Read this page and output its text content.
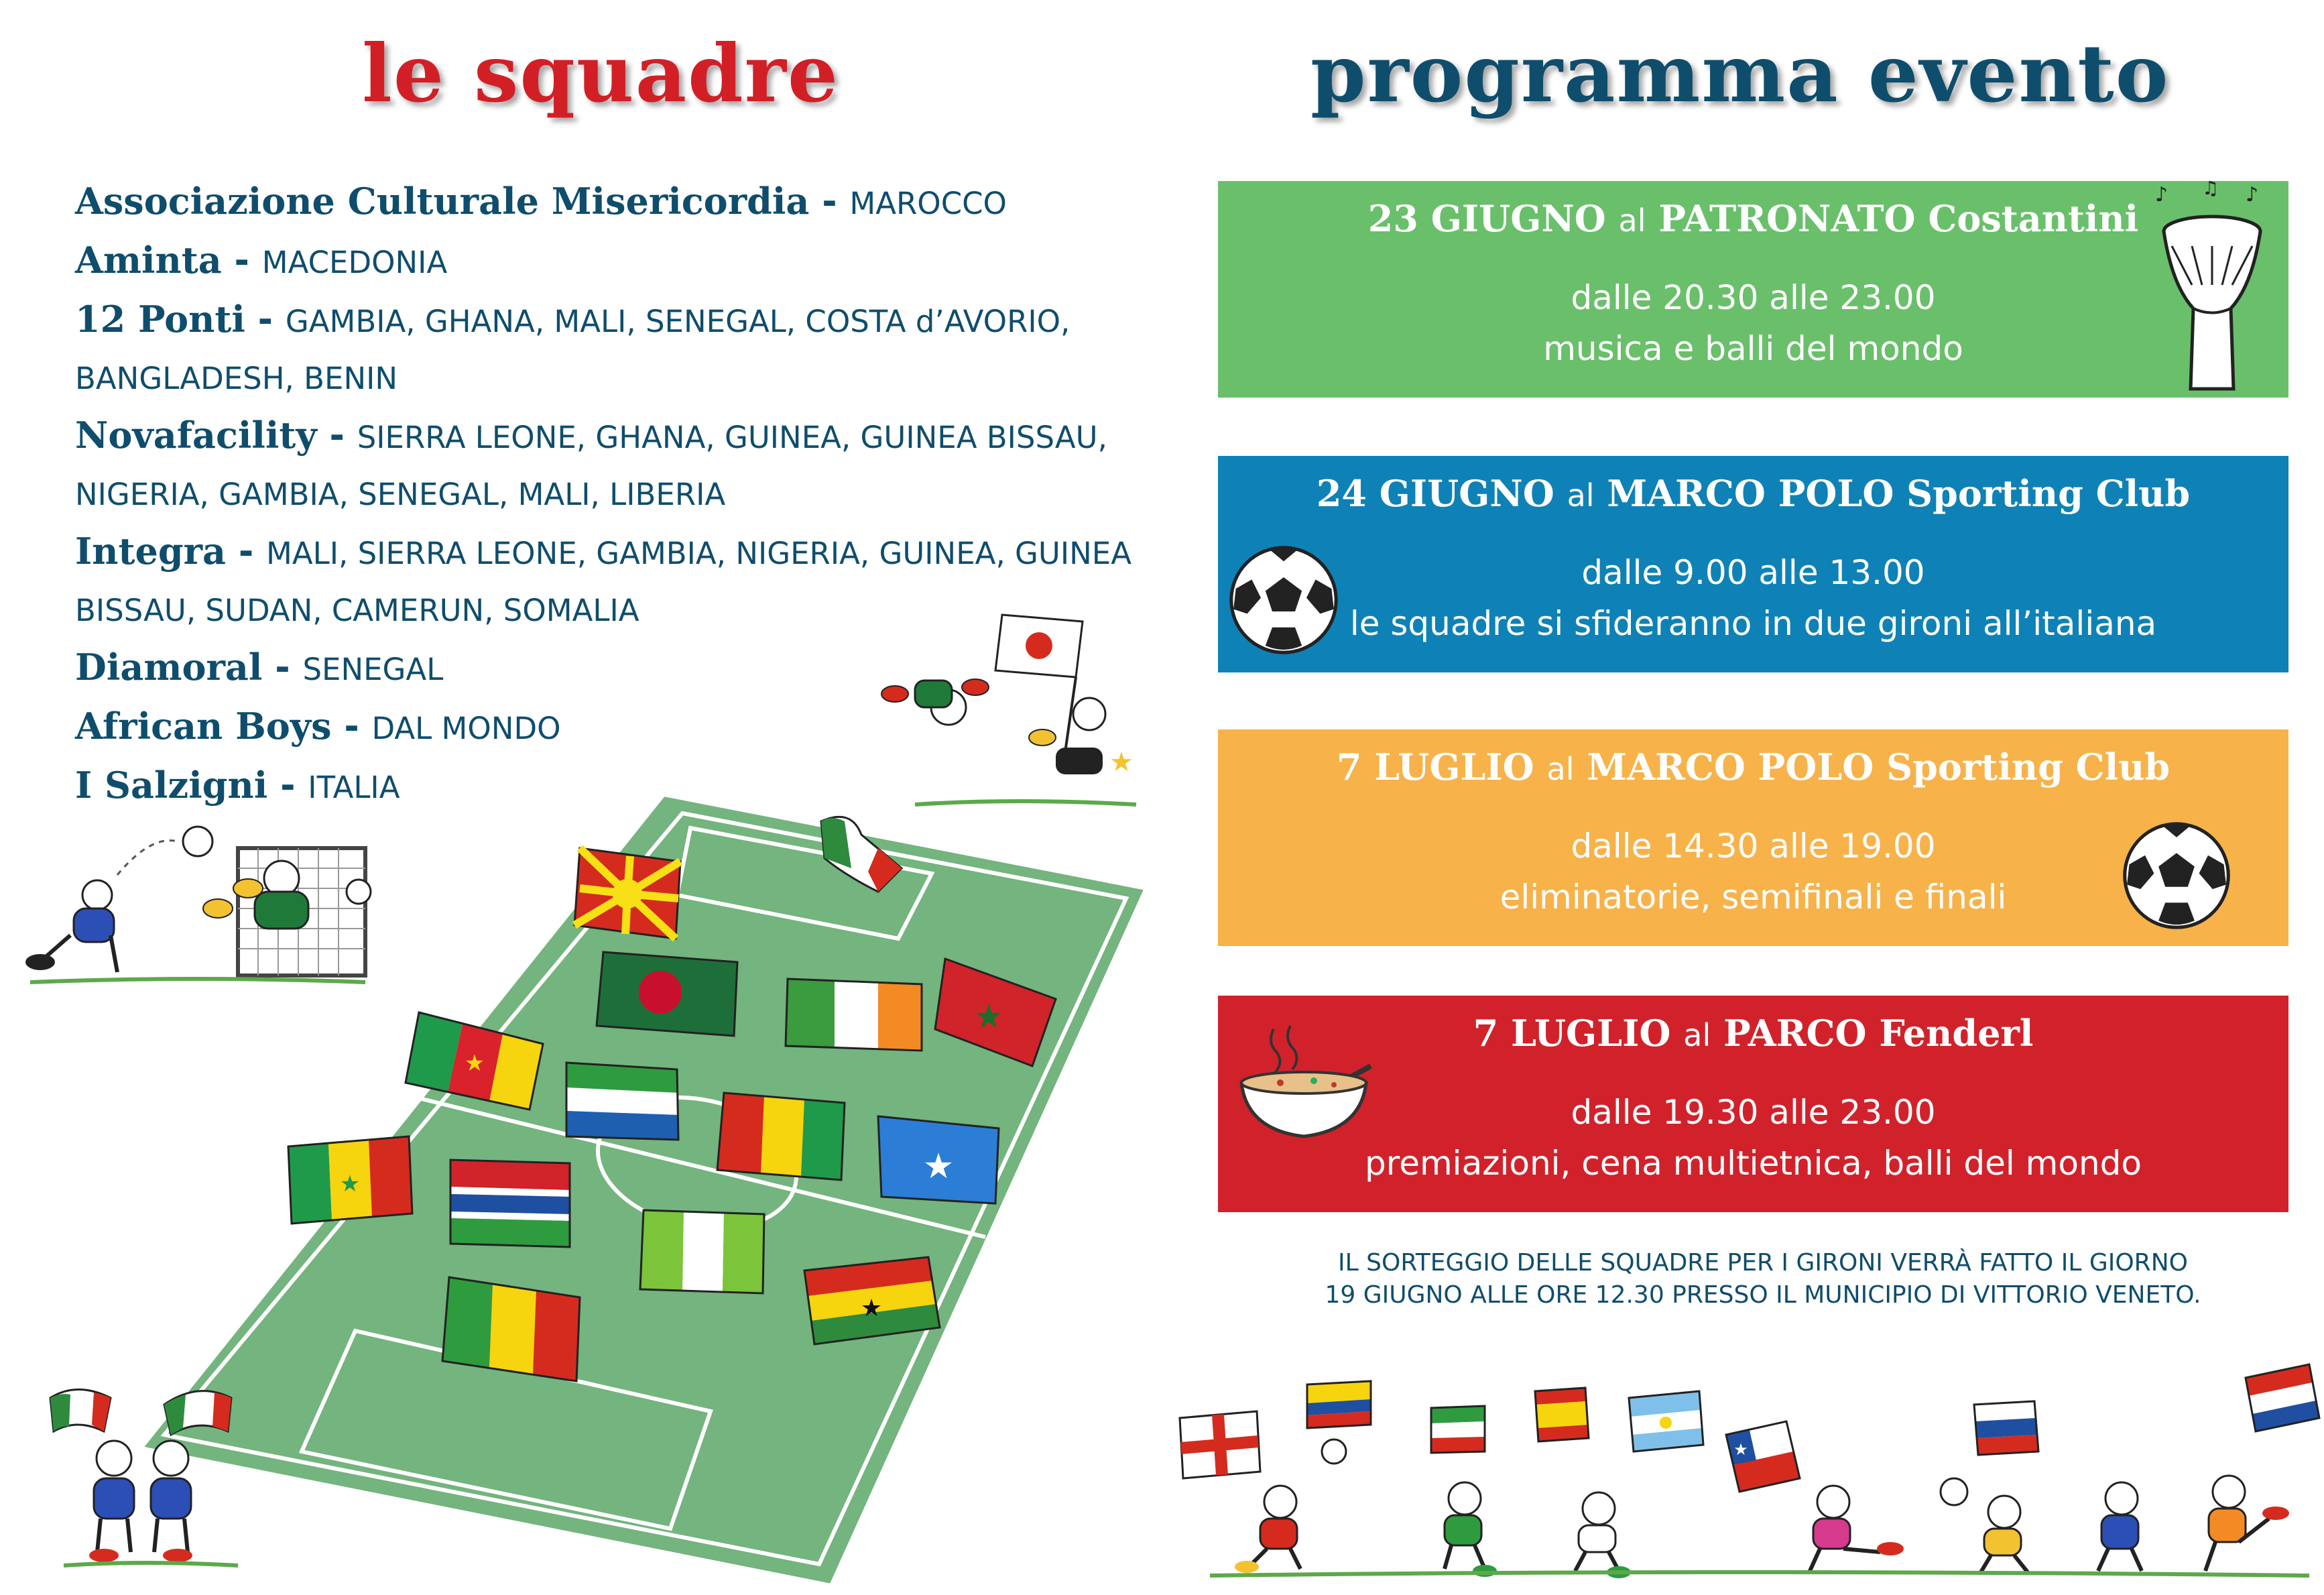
le squadre	programma evento
Associazione Culturale Misericordia - MAROCCO
Aminta - MACEDONIA
12 Ponti - GAMBIA, GHANA, MALI, SENEGAL, COSTA d’AVORIO,
BANGLADESH, BENIN
Novafacility - SIERRA LEONE, GHANA, GUINEA, GUINEA BISSAU,
NIGERIA, GAMBIA, SENEGAL, MALI, LIBERIA
Integra - MALI, SIERRA LEONE, GAMBIA, NIGERIA, GUINEA, GUINEA
BISSAU, SUDAN, CAMERUN, SOMALIA
Diamoral - SENEGAL
African Boys - DAL MONDO
I Salzigni - ITALIA
23 GIUGNO al PATRONATO Costantini
dalle 20.30 alle 23.00
musica e balli del mondo
24 GIUGNO al MARCO POLO Sporting Club
dalle 9.00 alle 13.00
le squadre si sfideranno in due gironi all’italiana
7 LUGLIO al MARCO POLO Sporting Club
dalle 14.30 alle 19.00
eliminatorie, semifinali e finali
7 LUGLIO al PARCO Fenderl
dalle 19.30 alle 23.00
premiazioni, cena multietnica, balli del mondo
♪ ♫ ♪
IL SORTEGGIO DELLE SQUADRE PER I GIRONI VERRÀ FATTO IL GIORNO
19 GIUGNO ALLE ORE 12.30 PRESSO IL MUNICIPIO DI VITTORIO VENETO.
★
★
★
★
★
★
★
